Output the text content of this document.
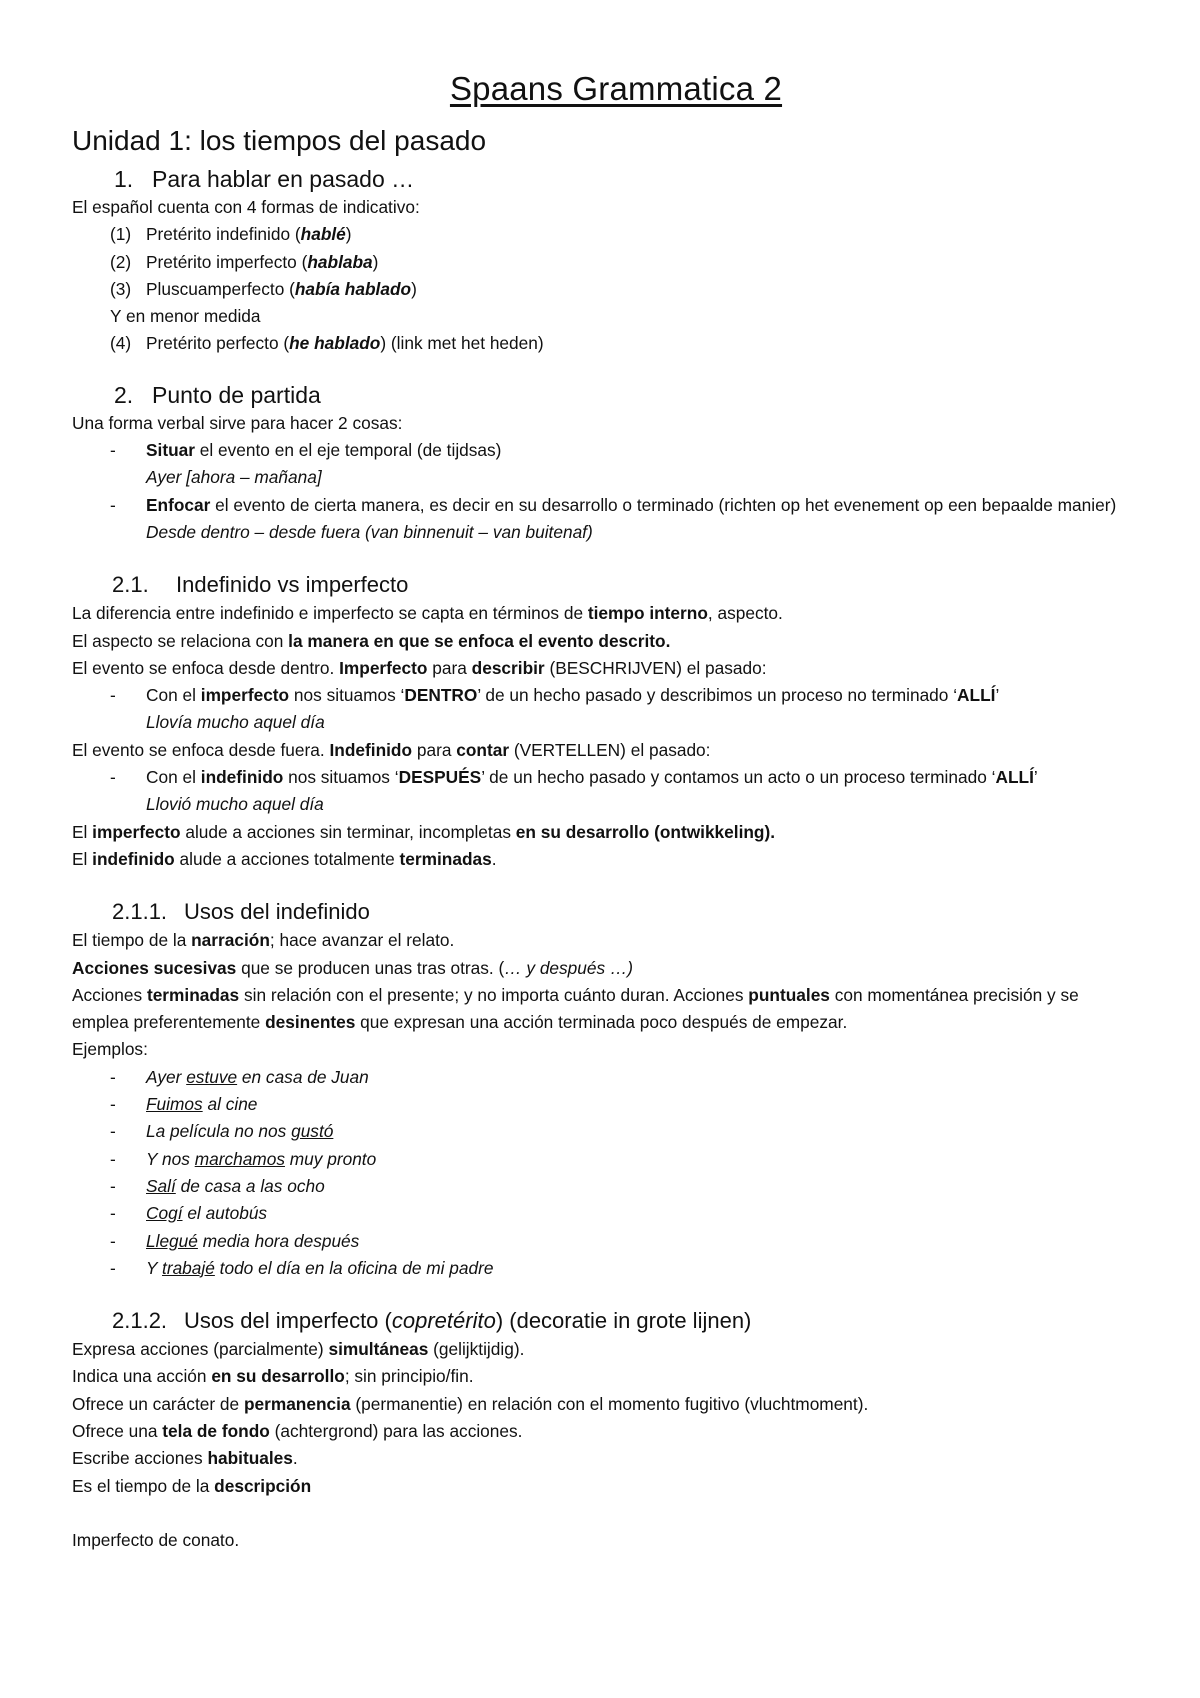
Spaans Grammatica 2
Unidad 1: los tiempos del pasado
1. Para hablar en pasado …
El español cuenta con 4 formas de indicativo:
(1) Pretérito indefinido (hablé)
(2) Pretérito imperfecto (hablaba)
(3) Pluscuamperfecto (había hablado)
Y en menor medida
(4) Pretérito perfecto (he hablado) (link met het heden)
2. Punto de partida
Una forma verbal sirve para hacer 2 cosas:
-	Situar el evento en el eje temporal (de tijdsas)
Ayer [ahora – mañana]
-	Enfocar el evento de cierta manera, es decir en su desarrollo o terminado (richten op het evenement op een bepaalde manier)
Desde dentro – desde fuera (van binnenuit – van buitenaf)
2.1. Indefinido vs imperfecto
La diferencia entre indefinido e imperfecto se capta en términos de tiempo interno, aspecto.
El aspecto se relaciona con la manera en que se enfoca el evento descrito.
El evento se enfoca desde dentro. Imperfecto para describir (BESCHRIJVEN) el pasado:
-	Con el imperfecto nos situamos ‘DENTRO’ de un hecho pasado y describimos un proceso no terminado ‘ALLÍ’
Llovía mucho aquel día
El evento se enfoca desde fuera. Indefinido para contar (VERTELLEN) el pasado:
-	Con el indefinido nos situamos ‘DESPUÉS’ de un hecho pasado y contamos un acto o un proceso terminado ‘ALLÍ’
Llovió mucho aquel día
El imperfecto alude a acciones sin terminar, incompletas en su desarrollo (ontwikkeling).
El indefinido alude a acciones totalmente terminadas.
2.1.1. Usos del indefinido
El tiempo de la narración; hace avanzar el relato.
Acciones sucesivas que se producen unas tras otras. (… y después …)
Acciones terminadas sin relación con el presente; y no importa cuánto duran. Acciones puntuales con momentánea precisión y se emplea preferentemente desinentes que expresan una acción terminada poco después de empezar.
Ejemplos:
-	Ayer estuve en casa de Juan
-	Fuimos al cine
-	La película no nos gustó
-	Y nos marchamos muy pronto
-	Salí de casa a las ocho
-	Cogí el autobús
-	Llegué media hora después
-	Y trabajé todo el día en la oficina de mi padre
2.1.2. Usos del imperfecto (copretérito) (decoratie in grote lijnen)
Expresa acciones (parcialmente) simultáneas (gelijktijdig).
Indica una acción en su desarrollo; sin principio/fin.
Ofrece un carácter de permanencia (permanentie) en relación con el momento fugitivo (vluchtmoment).
Ofrece una tela de fondo (achtergrond) para las acciones.
Escribe acciones habituales.
Es el tiempo de la descripción
Imperfecto de conato.
